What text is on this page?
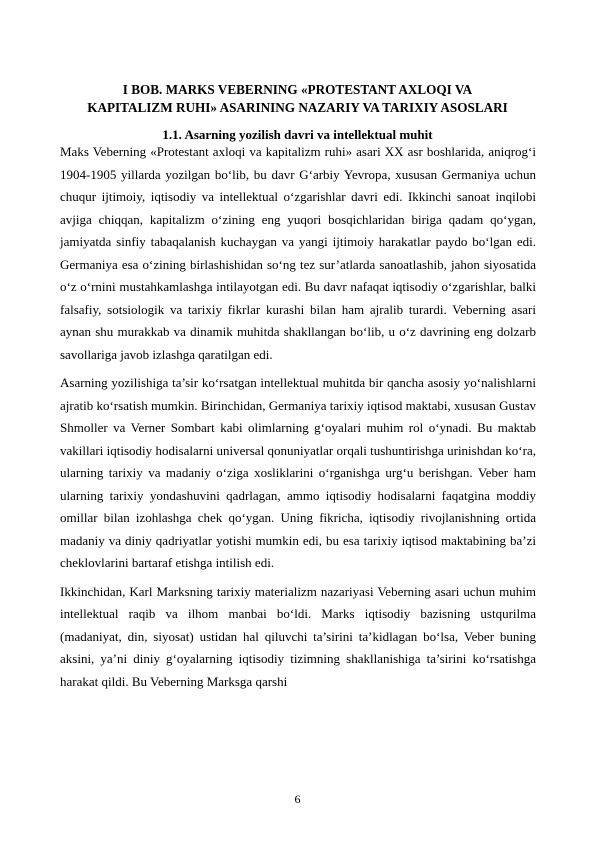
I BOB. MARKS VEBERNING «PROTESTANT AXLOQI VA
KAPITALIZM RUHI» ASARINING NAZARIY VA TARIXIY ASOSLARI
1.1. Asarning yozilish davri va intellektual muhit

Maks Veberning «Protestant axloqi va kapitalizm ruhi» asari XX asr boshlarida, aniqrog‘i 1904-1905 yillarda yozilgan bo‘lib, bu davr G‘arbiy Yevropa, xususan Germaniya uchun chuqur ijtimoiy, iqtisodiy va intellektual o‘zgarishlar davri edi. Ikkinchi sanoat inqilobi avjiga chiqqan, kapitalizm o‘zining eng yuqori bosqichlaridan biriga qadam qo‘ygan, jamiyatda sinfiy tabaqalanish kuchaygan va yangi ijtimoiy harakatlar paydo bo‘lgan edi. Germaniya esa o‘zining birlashishidan so‘ng tez sur’atlarda sanoatlashib, jahon siyosatida o‘z o‘rnini mustahkamlashga intilayotgan edi. Bu davr nafaqat iqtisodiy o‘zgarishlar, balki falsafiy, sotsiologik va tarixiy fikrlar kurashi bilan ham ajralib turardi. Veberning asari aynan shu murakkab va dinamik muhitda shakllangan bo‘lib, u o‘z davrining eng dolzarb savollariga javob izlashga qaratilgan edi.

Asarning yozilishiga ta’sir ko‘rsatgan intellektual muhitda bir qancha asosiy yo‘nalishlarni ajratib ko‘rsatish mumkin. Birinchidan, Germaniya tarixiy iqtisod maktabi, xususan Gustav Shmoller va Verner Sombart kabi olimlarning g‘oyalari muhim rol o‘ynadi. Bu maktab vakillari iqtisodiy hodisalarni universal qonuniyatlar orqali tushuntirishga urinishdan ko‘ra, ularning tarixiy va madaniy o‘ziga xosliklarini o‘rganishga urg‘u berishgan. Veber ham ularning tarixiy yondashuvini qadrlagan, ammo iqtisodiy hodisalarni faqatgina moddiy omillar bilan izohlashga chek qo‘ygan. Uning fikricha, iqtisodiy rivojlanishning ortida madaniy va diniy qadriyatlar yotishi mumkin edi, bu esa tarixiy iqtisod maktabining ba’zi cheklovlarini bartaraf etishga intilish edi.

Ikkinchidan, Karl Marksning tarixiy materializm nazariyasi Veberning asari uchun muhim intellektual raqib va ilhom manbai bo‘ldi. Marks iqtisodiy bazisning ustqurilma (madaniyat, din, siyosat) ustidan hal qiluvchi ta’sirini ta’kidlagan bo‘lsa, Veber buning aksini, ya’ni diniy g‘oyalarning iqtisodiy tizimning shakllanishiga ta’sirini ko‘rsatishga harakat qildi. Bu Veberning Marksga qarshi

6
